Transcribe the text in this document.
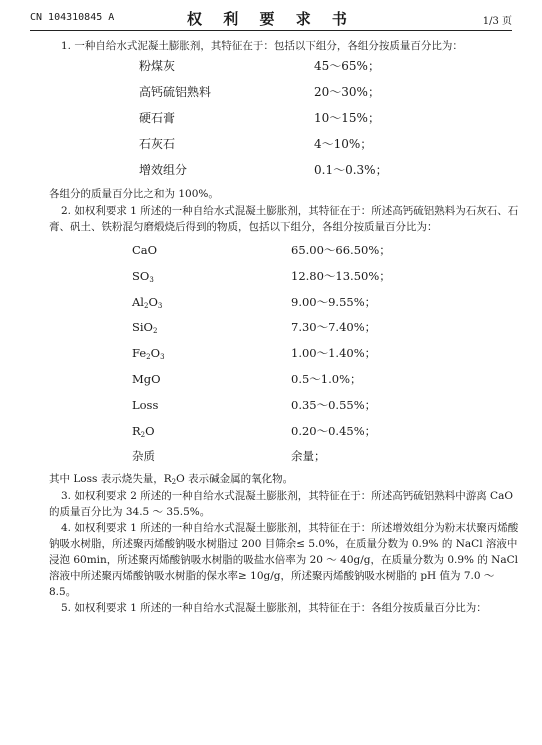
CN 104310845 A	权 利 要 求 书	1/3 页

1. 一种自给水式泥凝土膨胀剂，其特征在于：包括以下组分，各组分按质量百分比为：

粉煤灰	45～65%；
高钙硫铝熟料	20～30%；
硬石膏	10～15%；
石灰石	4～10%；
增效组分	0.1～0.3%；

各组分的质量百分比之和为 100%。

2. 如权利要求 1 所述的一种自给水式混凝土膨胀剂，其特征在于：所述高钙硫铝熟料为石灰石、石膏、矾土、铁粉混匀磨煅烧后得到的物质，包括以下组分，各组分按质量百分比为：

CaO	65.00～66.50%；
$SO_3$	12.80～13.50%；
$Al_2O_3$	9.00～9.55%；
SiO$_2$	7.30～7.40%；
$Fe_2O_3$	1.00～1.40%；
MgO	0.5～1.0%；
Loss	0.35～0.55%；
$R_2O$	0.20～0.45%；
杂质	余量；

其中 Loss 表示烧失量，$R_2O$ 表示碱金属的氧化物。

3. 如权利要求 2 所述的一种自给水式混凝土膨胀剂，其特征在于：所述高钙硫铝熟料中游离 CaO 的质量百分比为 34.5 ～ 35.5%。

4. 如权利要求 1 所述的一种自给水式混凝土膨胀剂，其特征在于：所述增效组分为粉末状聚丙烯酸钠吸水树脂，所述聚丙烯酸钠吸水树脂过 200 目筛余≤ 5.0%，在质量分数为 0.9% 的 NaCl 溶液中浸泡 60min，所述聚丙烯酸钠吸水树脂的吸盐水倍率为 20 ～ 40g/g，在质量分数为 0.9% 的 NaCl 溶液中所述聚丙烯酸钠吸水树脂的保水率≥ 10g/g，所述聚丙烯酸钠吸水树脂的 pH 值为 7.0 ～ 8.5。

5. 如权利要求 1 所述的一种自给水式混凝土膨胀剂，其特征在于：各组分按质量百分比为：
